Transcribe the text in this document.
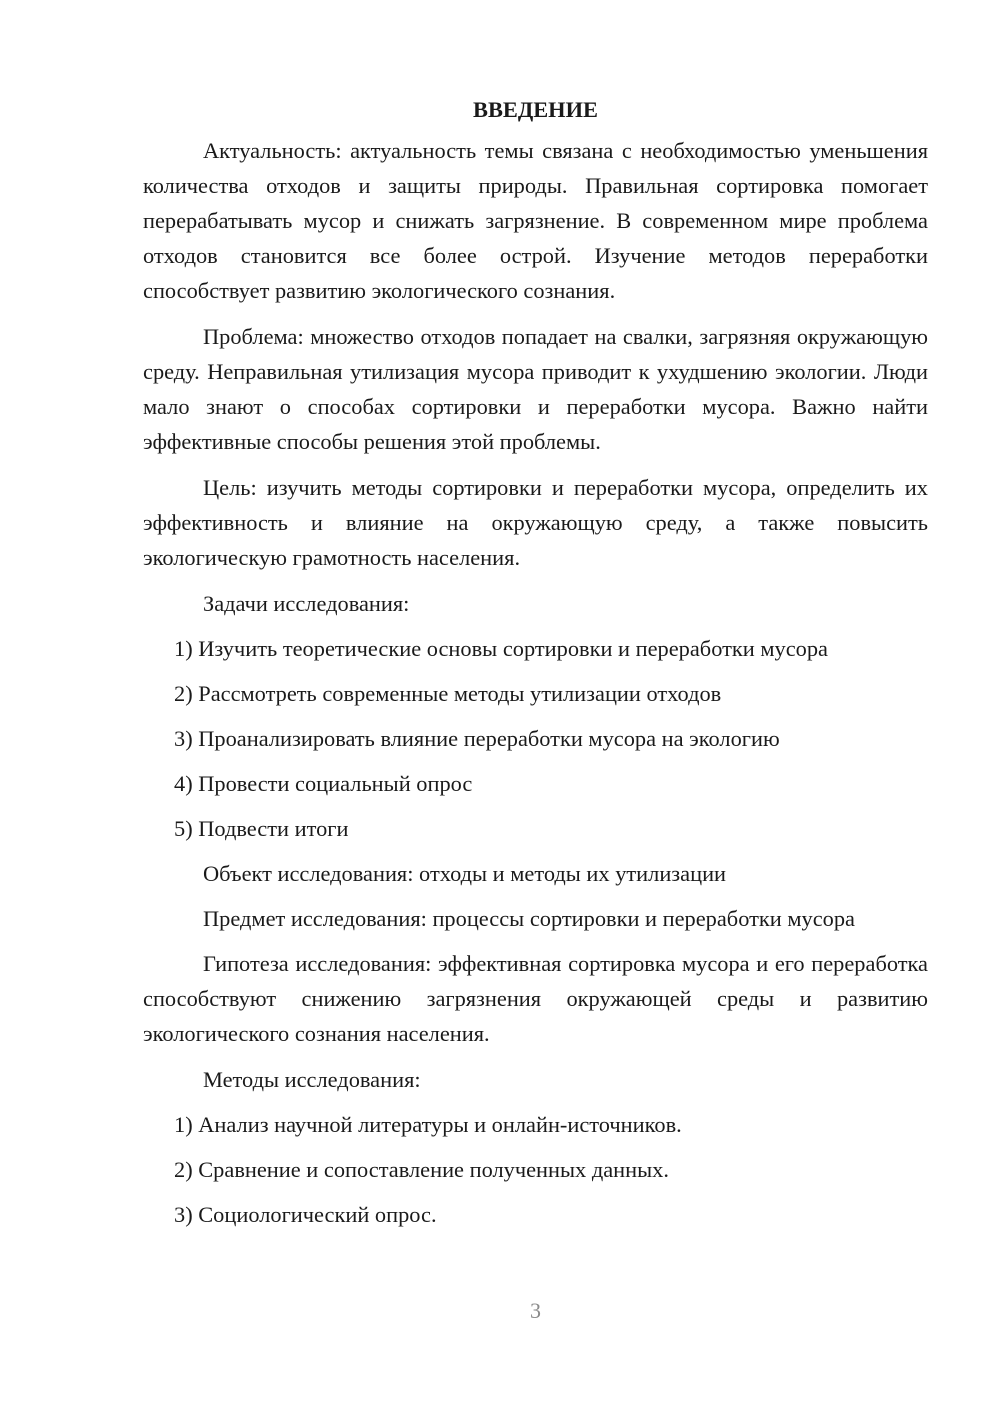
ВВЕДЕНИЕ

Актуальность: актуальность темы связана с необходимостью уменьшения количества отходов и защиты природы. Правильная сортировка помогает перерабатывать мусор и снижать загрязнение. В современном мире проблема отходов становится все более острой. Изучение методов переработки способствует развитию экологического сознания.

Проблема: множество отходов попадает на свалки, загрязняя окружающую среду. Неправильная утилизация мусора приводит к ухудшению экологии. Люди мало знают о способах сортировки и переработки мусора. Важно найти эффективные способы решения этой проблемы.

Цель: изучить методы сортировки и переработки мусора, определить их эффективность и влияние на окружающую среду, а также повысить экологическую грамотность населения.

Задачи исследования:
1) Изучить теоретические основы сортировки и переработки мусора
2) Рассмотреть современные методы утилизации отходов
3) Проанализировать влияние переработки мусора на экологию
4) Провести социальный опрос
5) Подвести итоги
Объект исследования: отходы и методы их утилизации
Предмет исследования: процессы сортировки и переработки мусора

Гипотеза исследования: эффективная сортировка мусора и его переработка способствуют снижению загрязнения окружающей среды и развитию экологического сознания населения.

Методы исследования:
1) Анализ научной литературы и онлайн-источников.
2) Сравнение и сопоставление полученных данных.
3) Социологический опрос.
3
